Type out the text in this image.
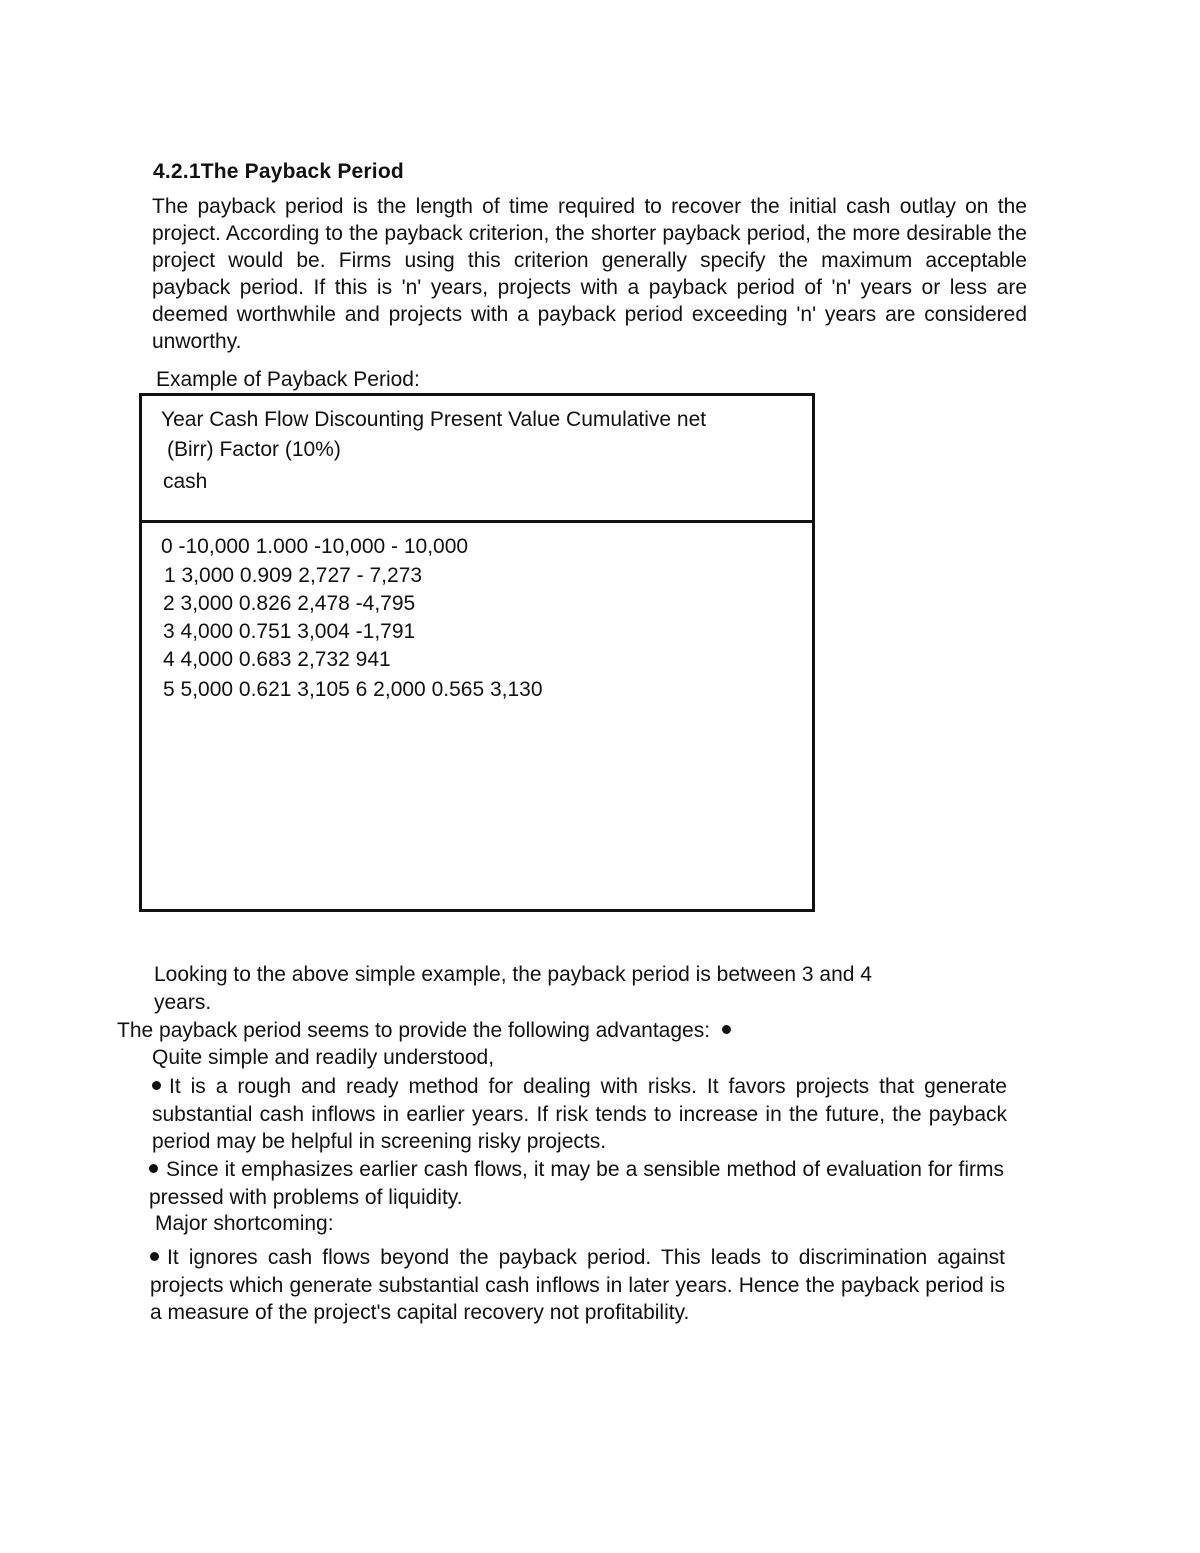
4.2.1The Payback Period
The payback period is the length of time required to recover the initial cash outlay on the project. According to the payback criterion, the shorter payback period, the more desirable the project would be. Firms using this criterion generally specify the maximum acceptable payback period. If this is 'n' years, projects with a payback period of 'n' years or less are deemed worthwhile and projects with a payback period exceeding 'n' years are considered unworthy.
Example of Payback Period:
Year Cash Flow Discounting Present Value Cumulative net
(Birr) Factor (10%)
cash
0 -10,000 1.000 -10,000 - 10,000
1 3,000 0.909 2,727 - 7,273
2 3,000 0.826 2,478 -4,795
3 4,000 0.751 3,004 -1,791
4 4,000 0.683 2,732 941
5 5,000 0.621 3,105 6 2,000 0.565 3,130
Looking to the above simple example, the payback period is between 3 and 4
years.
The payback period seems to provide the following advantages:
Quite simple and readily understood,
It is a rough and ready method for dealing with risks. It favors projects that generate substantial cash inflows in earlier years. If risk tends to increase in the future, the payback period may be helpful in screening risky projects.
Since it emphasizes earlier cash flows, it may be a sensible method of evaluation for firms pressed with problems of liquidity.
Major shortcoming:
It ignores cash flows beyond the payback period. This leads to discrimination against projects which generate substantial cash inflows in later years. Hence the payback period is a measure of the project's capital recovery not profitability.
